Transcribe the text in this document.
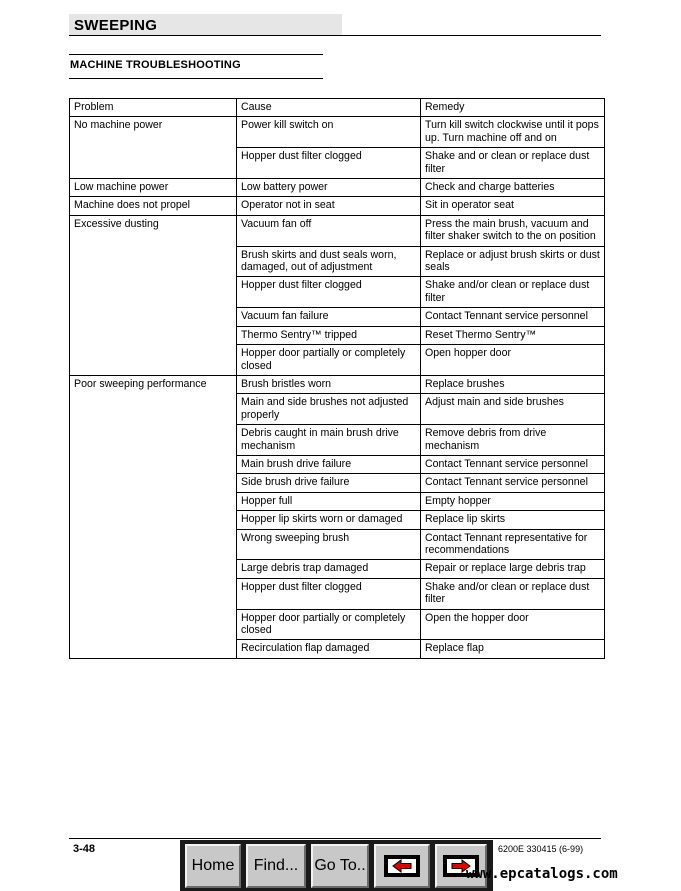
SWEEPING
MACHINE TROUBLESHOOTING
Problem	Cause	Remedy
No machine power	Power kill switch on	Turn kill switch clockwise until it pops up. Turn machine off and on
	Hopper dust filter clogged	Shake and or clean or replace dust filter
Low machine power	Low battery power	Check and charge batteries
Machine does not propel	Operator not in seat	Sit in operator seat
Excessive dusting	Vacuum fan off	Press the main brush, vacuum and filter shaker switch to the on position
	Brush skirts and dust seals worn, damaged, out of adjustment	Replace or adjust brush skirts or dust seals
	Hopper dust filter clogged	Shake and/or clean or replace dust filter
	Vacuum fan failure	Contact Tennant service personnel
	Thermo Sentry™ tripped	Reset Thermo Sentry™
	Hopper door partially or completely closed	Open hopper door
Poor sweeping performance	Brush bristles worn	Replace brushes
	Main and side brushes not adjusted properly	Adjust main and side brushes
	Debris caught in main brush drive mechanism	Remove debris from drive mechanism
	Main brush drive failure	Contact Tennant service personnel
	Side brush drive failure	Contact Tennant service personnel
	Hopper full	Empty hopper
	Hopper lip skirts worn or damaged	Replace lip skirts
	Wrong sweeping brush	Contact Tennant representative for recommendations
	Large debris trap damaged	Repair or replace large debris trap
	Hopper dust filter clogged	Shake and/or clean or replace dust filter
	Hopper door partially or completely closed	Open the hopper door
	Recirculation flap damaged	Replace flap
3-48	6200E 330415 (6-99)
Home	Find...	Go To..	www.epcatalogs.com
